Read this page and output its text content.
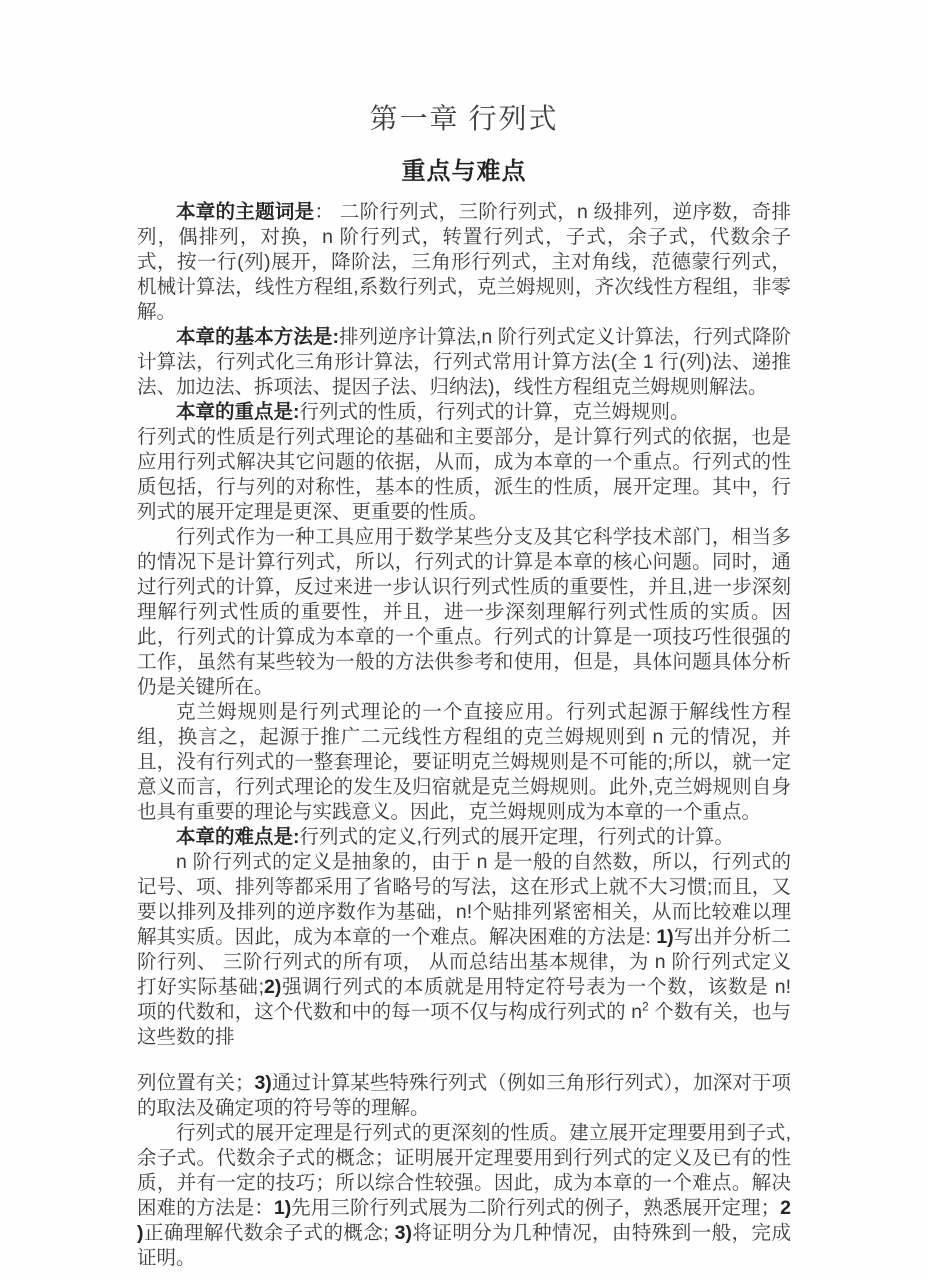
第一章 行列式
重点与难点

本章的主题词是： 二阶行列式，三阶行列式，n 级排列，逆序数，奇排列，偶排列，对换，n 阶行列式，转置行列式，子式，余子式，代数余子式，按一行(列)展开，降阶法，三角形行列式，主对角线，范德蒙行列式，机械计算法，线性方程组,系数行列式，克兰姆规则，齐次线性方程组，非零解。

本章的基本方法是:排列逆序计算法,n 阶行列式定义计算法，行列式降阶计算法，行列式化三角形计算法，行列式常用计算方法(全 1 行(列)法、递推法、加边法、拆项法、提因子法、归纳法)，线性方程组克兰姆规则解法。

本章的重点是:行列式的性质，行列式的计算，克兰姆规则。

行列式的性质是行列式理论的基础和主要部分，是计算行列式的依据，也是应用行列式解决其它问题的依据，从而，成为本章的一个重点。行列式的性质包括，行与列的对称性，基本的性质，派生的性质，展开定理。其中，行列式的展开定理是更深、更重要的性质。

行列式作为一种工具应用于数学某些分支及其它科学技术部门，相当多的情况下是计算行列式，所以，行列式的计算是本章的核心问题。同时，通过行列式的计算，反过来进一步认识行列式性质的重要性，并且,进一步深刻理解行列式性质的重要性，并且，进一步深刻理解行列式性质的实质。因此，行列式的计算成为本章的一个重点。行列式的计算是一项技巧性很强的工作，虽然有某些较为一般的方法供参考和使用，但是，具体问题具体分析仍是关键所在。

克兰姆规则是行列式理论的一个直接应用。行列式起源于解线性方程组，换言之，起源于推广二元线性方程组的克兰姆规则到 n 元的情况，并且，没有行列式的一整套理论，要证明克兰姆规则是不可能的;所以，就一定意义而言，行列式理论的发生及归宿就是克兰姆规则。此外,克兰姆规则自身也具有重要的理论与实践意义。因此，克兰姆规则成为本章的一个重点。

本章的难点是:行列式的定义,行列式的展开定理，行列式的计算。

n 阶行列式的定义是抽象的，由于 n 是一般的自然数，所以，行列式的记号、项、排列等都采用了省略号的写法，这在形式上就不大习惯;而且，又要以排列及排列的逆序数作为基础，n!个贴排列紧密相关，从而比较难以理解其实质。因此，成为本章的一个难点。解决困难的方法是: 1)写出并分析二阶行列、 三阶行列式的所有项， 从而总结出基本规律，为 n 阶行列式定义打好实际基础;2)强调行列式的本质就是用特定符号表为一个数，该数是 n! 项的代数和，这个代数和中的每一项不仅与构成行列式的 $n^2$ 个数有关，也与这些数的排

列位置有关；3)通过计算某些特殊行列式（例如三角形行列式），加深对于项的取法及确定项的符号等的理解。

行列式的展开定理是行列式的更深刻的性质。建立展开定理要用到子式,余子式。代数余子式的概念；证明展开定理要用到行列式的定义及已有的性质，并有一定的技巧；所以综合性较强。因此，成为本章的一个难点。解决困难的方法是：1)先用三阶行列式展为二阶行列式的例子，熟悉展开定理；2 )正确理解代数余子式的概念; 3)将证明分为几种情况，由特殊到一般，完成证明。
